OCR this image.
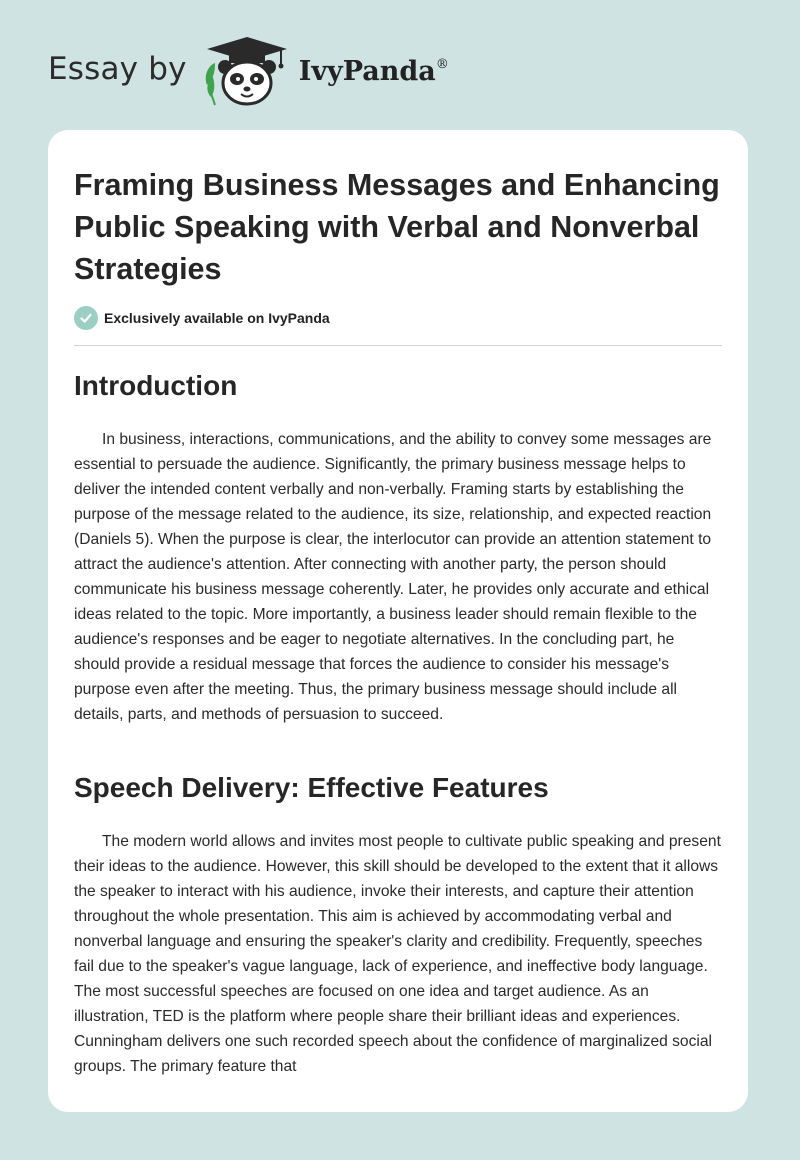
Essay by	IvyPanda®
Framing Business Messages and Enhancing Public Speaking with Verbal and Nonverbal Strategies
Exclusively available on IvyPanda
Introduction

In business, interactions, communications, and the ability to convey some messages are essential to persuade the audience. Significantly, the primary business message helps to deliver the intended content verbally and non-verbally. Framing starts by establishing the purpose of the message related to the audience, its size, relationship, and expected reaction (Daniels 5). When the purpose is clear, the interlocutor can provide an attention statement to attract the audience's attention. After connecting with another party, the person should communicate his business message coherently. Later, he provides only accurate and ethical ideas related to the topic. More importantly, a business leader should remain flexible to the audience's responses and be eager to negotiate alternatives. In the concluding part, he should provide a residual message that forces the audience to consider his message's purpose even after the meeting. Thus, the primary business message should include all details, parts, and methods of persuasion to succeed.

Speech Delivery: Effective Features

The modern world allows and invites most people to cultivate public speaking and present their ideas to the audience. However, this skill should be developed to the extent that it allows the speaker to interact with his audience, invoke their interests, and capture their attention throughout the whole presentation. This aim is achieved by accommodating verbal and nonverbal language and ensuring the speaker's clarity and credibility. Frequently, speeches fail due to the speaker's vague language, lack of experience, and ineffective body language. The most successful speeches are focused on one idea and target audience. As an illustration, TED is the platform where people share their brilliant ideas and experiences. Cunningham delivers one such recorded speech about the confidence of marginalized social groups. The primary feature that
